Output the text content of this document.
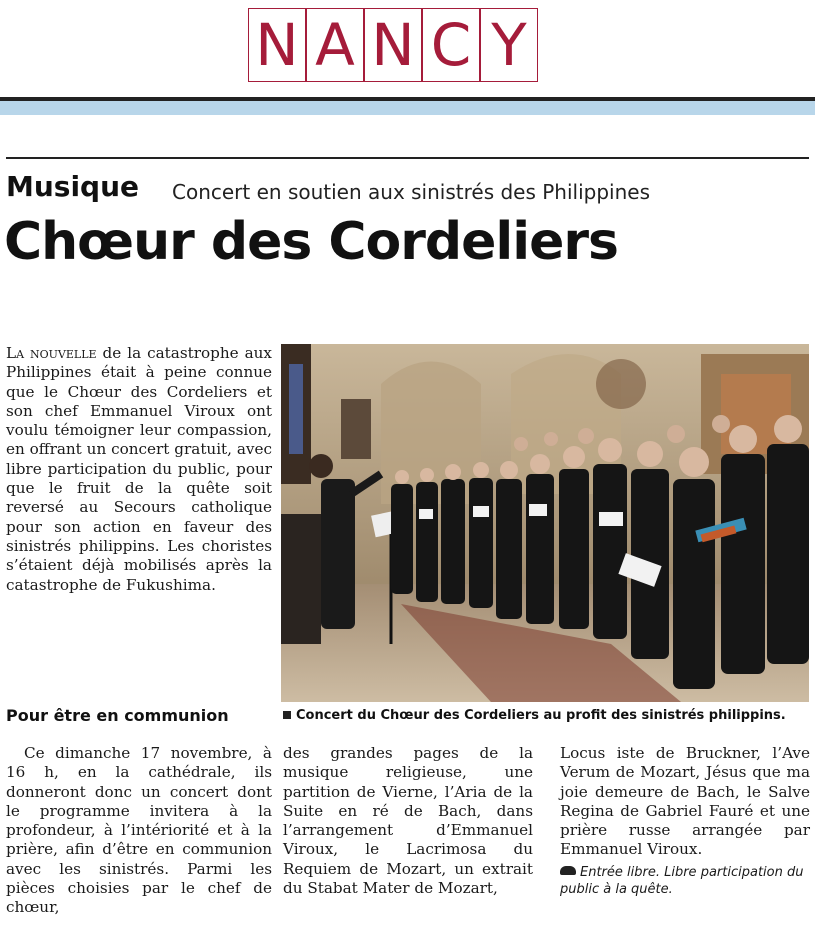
N A N C Y
Musique Concert en soutien aux sinistrés des Philippines
Chœur des Cordeliers
La nouvelle de la catastrophe aux Philippines était à peine connue que le Chœur des Cordeliers et son chef Emmanuel Viroux ont voulu témoigner leur compassion, en offrant un concert gratuit, avec libre participation du public, pour que le fruit de la quête soit reversé au Secours catholique pour son action en faveur des sinistrés philippins. Les choristes s’étaient déjà mobilisés après la catastrophe de Fukushima.
Concert du Chœur des Cordeliers au profit des sinistrés philippins.
Pour être en communion
Ce dimanche 17 novembre, à 16 h, en la cathédrale, ils donneront donc un concert dont le programme invitera à la profondeur, à l’intériorité et à la prière, afin d’être en communion avec les sinistrés. Parmi les pièces choisies par le chef de chœur,
des grandes pages de la musique religieuse, une partition de Vierne, l’Aria de la Suite en ré de Bach, dans l’arrangement d’Emmanuel Viroux, le Lacrimosa du Requiem de Mozart, un extrait du Stabat Mater de Mozart,
Locus iste de Bruckner, l’Ave Verum de Mozart, Jésus que ma joie demeure de Bach, le Salve Regina de Gabriel Fauré et une prière russe arrangée par Emmanuel Viroux.
Entrée libre. Libre participation du public à la quête.
